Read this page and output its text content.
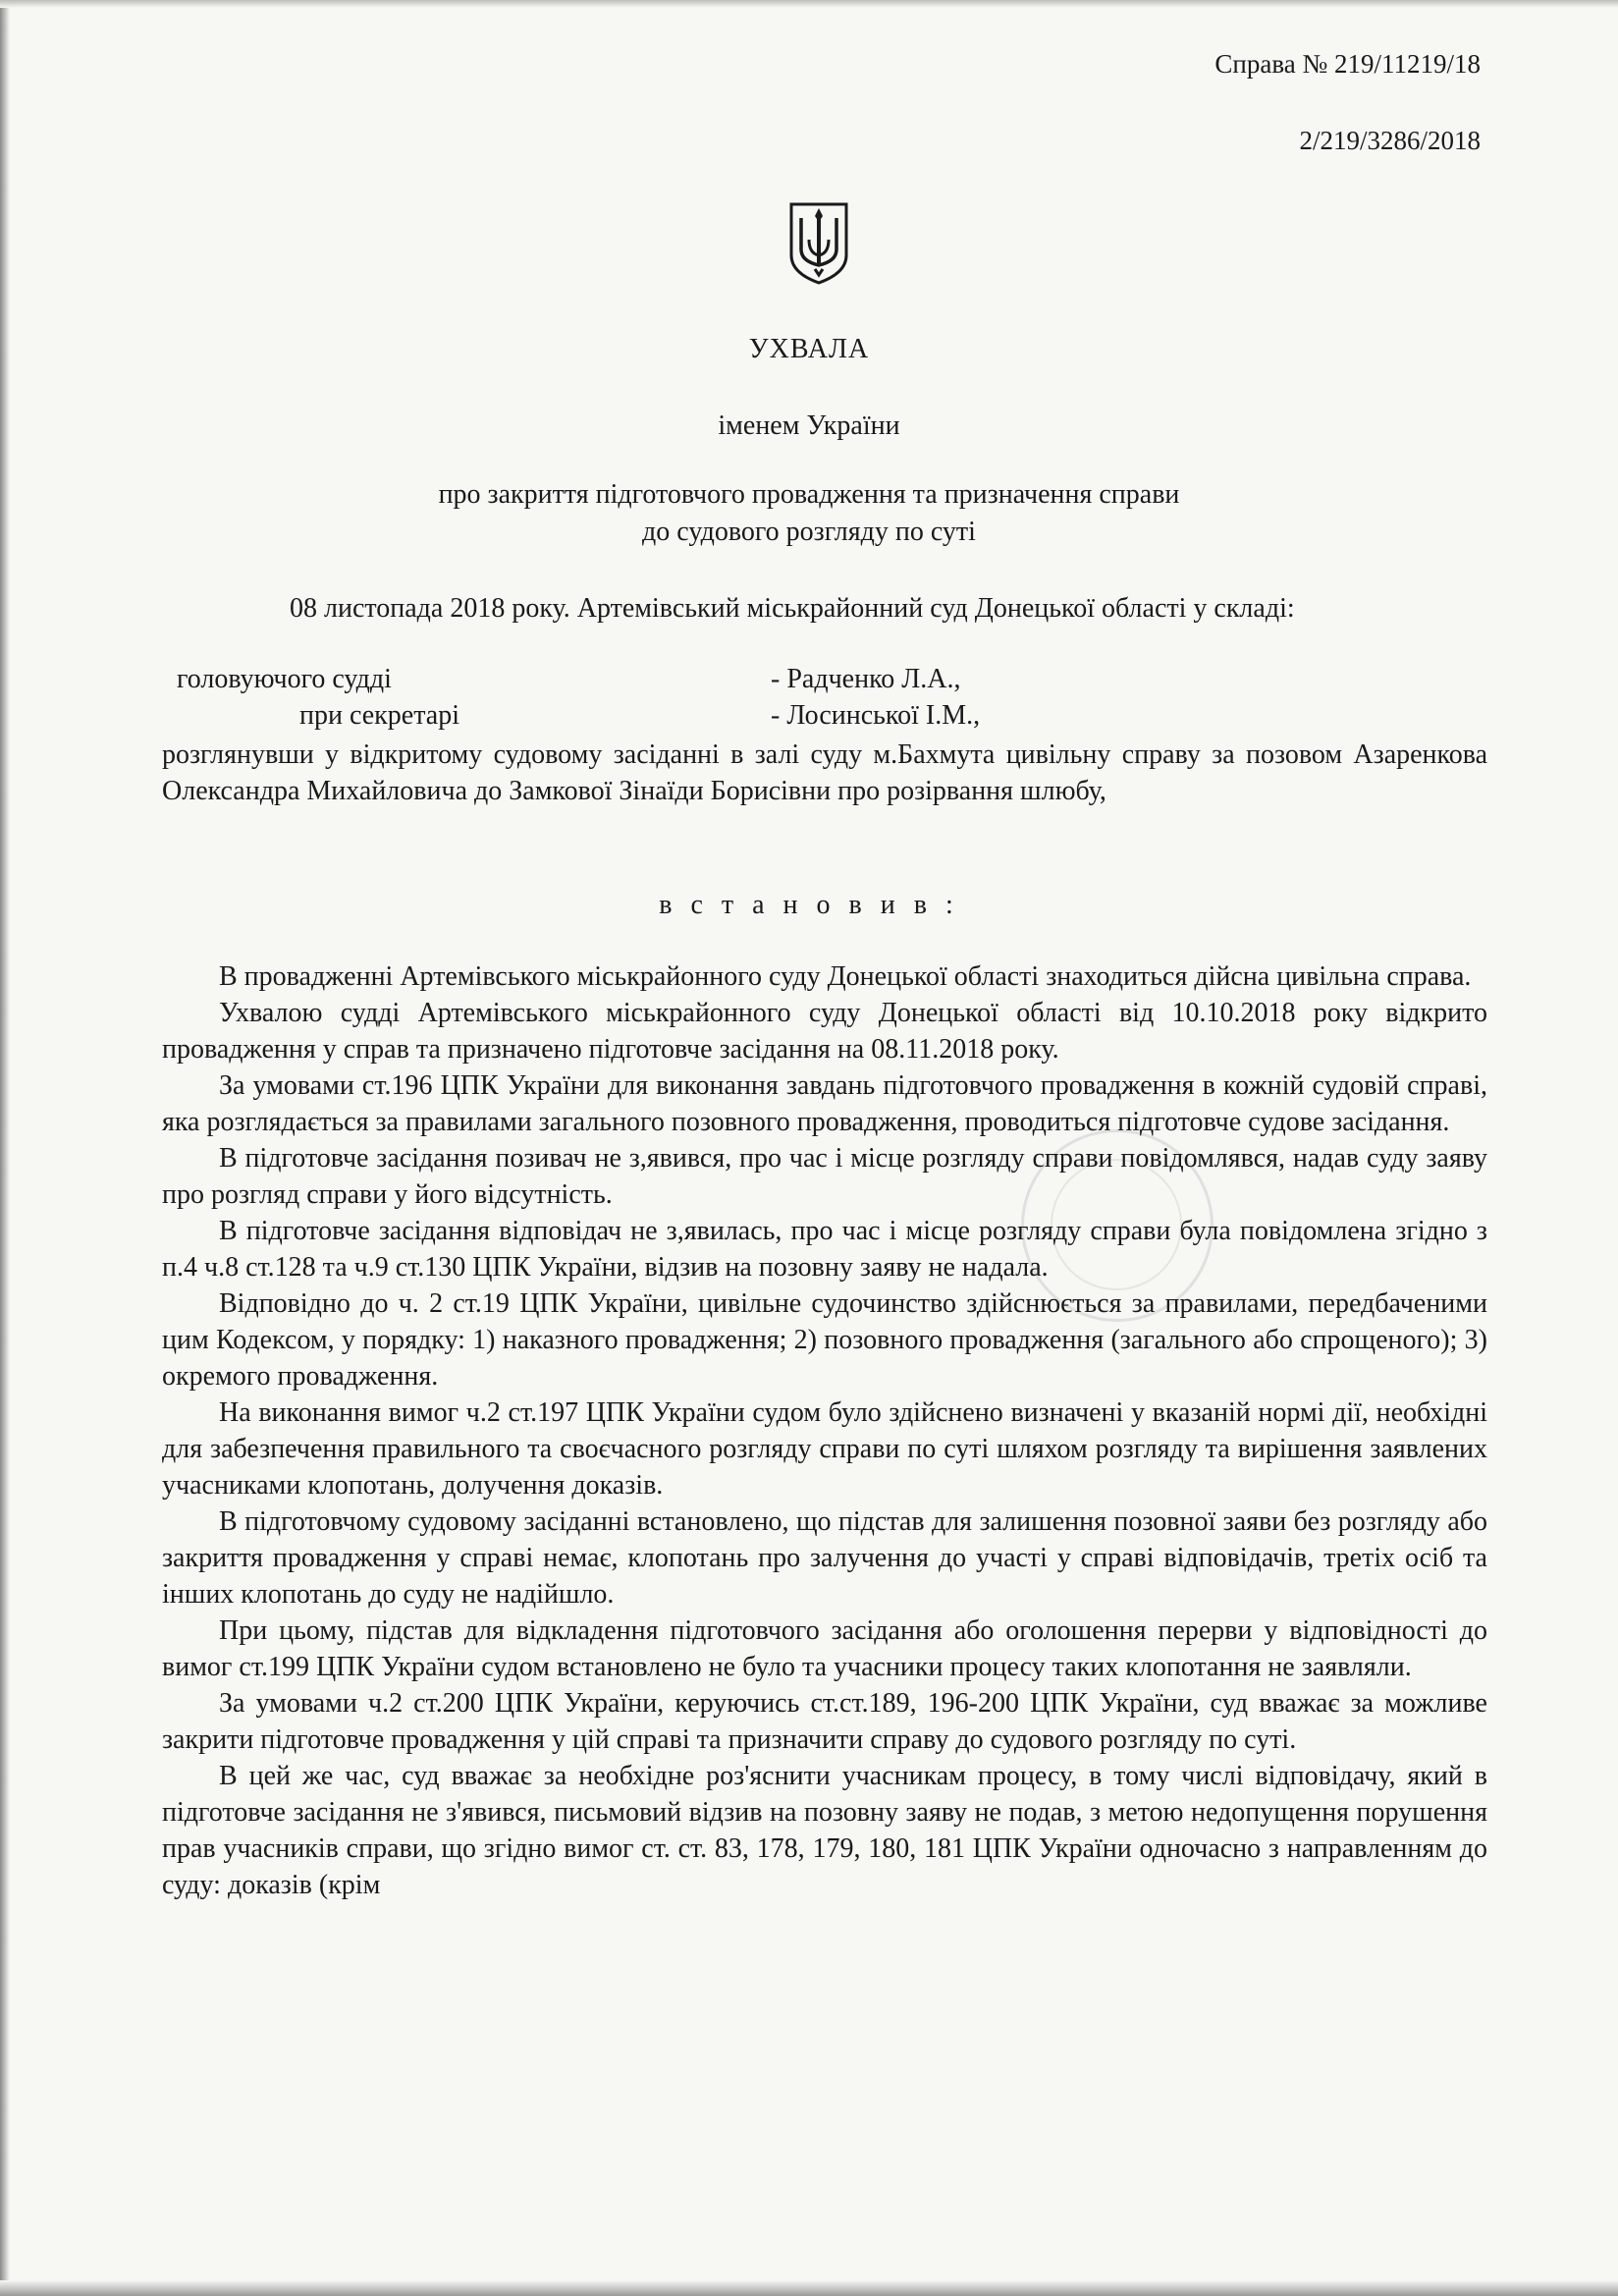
Справа № 219/11219/18
2/219/3286/2018
УХВАЛА
іменем України
про закриття підготовчого провадження та призначення справи
до судового розгляду по суті
08 листопада 2018 року. Артемівський міськрайонний суд Донецької області у складі:
головуючого судді	- Радченко Л.А.,
при секретарі	- Лосинської І.М.,
розглянувши у відкритому судовому засіданні в залі суду м.Бахмута цивільну справу за позовом Азаренкова Олександра Михайловича до Замкової Зінаїди Борисівни про розірвання шлюбу,
в с т а н о в и в :

В провадженні Артемівського міськрайонного суду Донецької області знаходиться дійсна цивільна справа.

Ухвалою судді Артемівського міськрайонного суду Донецької області від 10.10.2018 року відкрито провадження у справ та призначено підготовче засідання на 08.11.2018 року.

За умовами ст.196 ЦПК України для виконання завдань підготовчого провадження в кожній судовій справі, яка розглядається за правилами загального позовного провадження, проводиться підготовче судове засідання.

В підготовче засідання позивач не з,явився, про час і місце розгляду справи повідомлявся, надав суду заяву про розгляд справи у його відсутність.

В підготовче засідання відповідач не з,явилась, про час і місце розгляду справи була повідомлена згідно з п.4 ч.8 ст.128 та ч.9 ст.130 ЦПК України, відзив на позовну заяву не надала.

Відповідно до ч. 2 ст.19 ЦПК України, цивільне судочинство здійснюється за правилами, передбаченими цим Кодексом, у порядку: 1) наказного провадження; 2) позовного провадження (загального або спрощеного); 3) окремого провадження.

На виконання вимог ч.2 ст.197 ЦПК України судом було здійснено визначені у вказаній нормі дії, необхідні для забезпечення правильного та своєчасного розгляду справи по суті шляхом розгляду та вирішення заявлених учасниками клопотань, долучення доказів.

В підготовчому судовому засіданні встановлено, що підстав для залишення позовної заяви без розгляду або закриття провадження у справі немає, клопотань про залучення до участі у справі відповідачів, третіх осіб та інших клопотань до суду не надійшло.

При цьому, підстав для відкладення підготовчого засідання або оголошення перерви у відповідності до вимог ст.199 ЦПК України судом встановлено не було та учасники процесу таких клопотання не заявляли.

За умовами ч.2 ст.200 ЦПК України, керуючись ст.ст.189, 196-200 ЦПК України, суд вважає за можливе закрити підготовче провадження у цій справі та призначити справу до судового розгляду по суті.

В цей же час, суд вважає за необхідне роз'яснити учасникам процесу, в тому числі відповідачу, який в підготовче засідання не з'явився, письмовий відзив на позовну заяву не подав, з метою недопущення порушення прав учасників справи, що згідно вимог ст. ст. 83, 178, 179, 180, 181 ЦПК України одночасно з направленням до суду: доказів (крім
